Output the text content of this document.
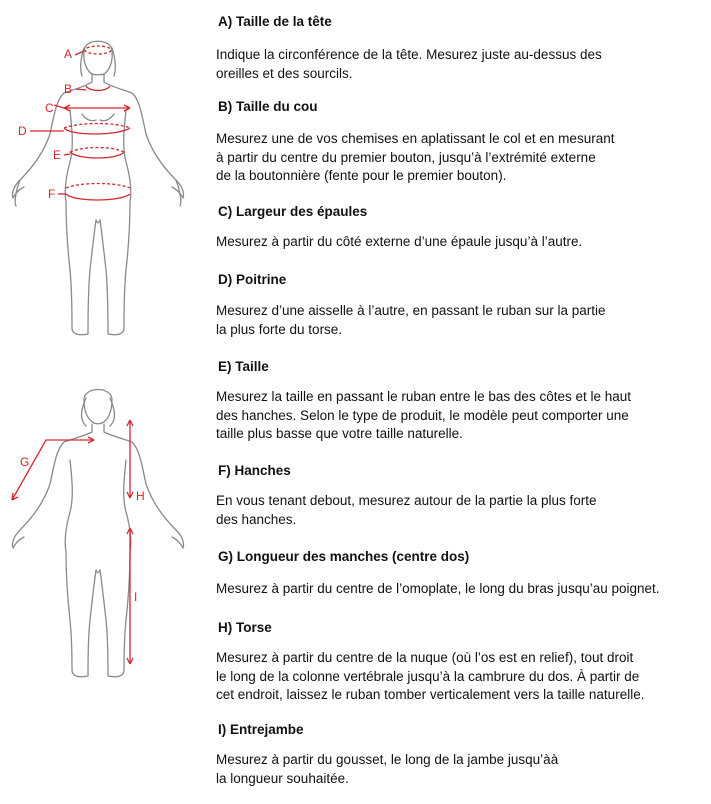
A
B
C
D
E
F
G
H
I
A) Taille de la tête

Indique la circonférence de la tête. Mesurez juste au-dessus des
oreilles et des sourcils.

B) Taille du cou

Mesurez une de vos chemises en aplatissant le col et en mesurant
à partir du centre du premier bouton, jusqu’à l’extrémité externe
de la boutonnière (fente pour le premier bouton).

C) Largeur des épaules

Mesurez à partir du côté externe d’une épaule jusqu’à l’autre.

D) Poitrine

Mesurez d’une aisselle à l’autre, en passant le ruban sur la partie
la plus forte du torse.

E) Taille

Mesurez la taille en passant le ruban entre le bas des côtes et le haut
des hanches. Selon le type de produit, le modèle peut comporter une
taille plus basse que votre taille naturelle.

F) Hanches

En vous tenant debout, mesurez autour de la partie la plus forte
des hanches.

G) Longueur des manches (centre dos)

Mesurez à partir du centre de l’omoplate, le long du bras jusqu’au poignet.

H) Torse

Mesurez à partir du centre de la nuque (où l’os est en relief), tout droit
le long de la colonne vertébrale jusqu’à la cambrure du dos. À partir de
cet endroit, laissez le ruban tomber verticalement vers la taille naturelle.

I) Entrejambe

Mesurez à partir du gousset, le long de la jambe jusqu’àà
la longueur souhaitée.
